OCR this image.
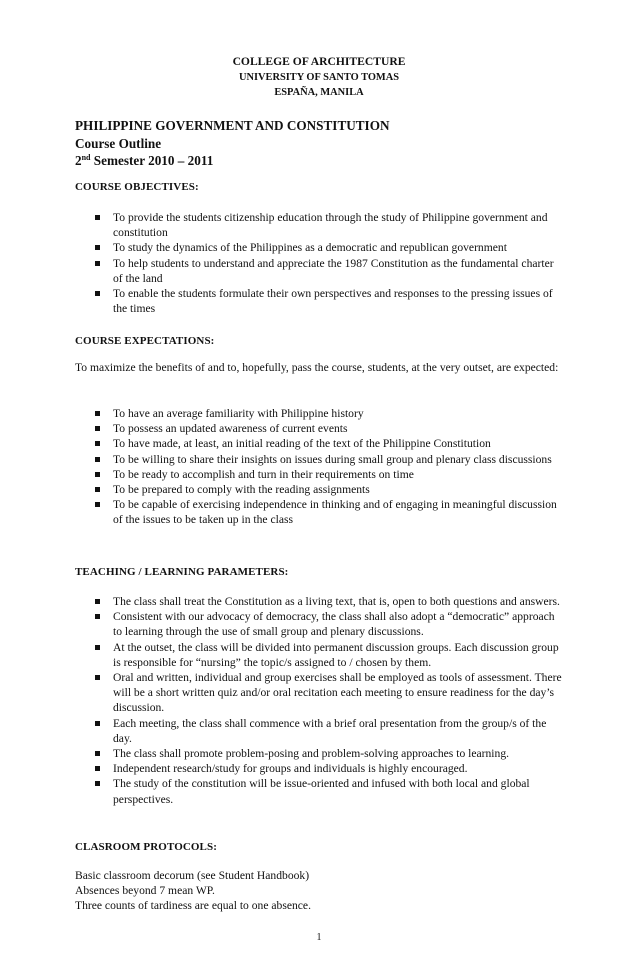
COLLEGE OF ARCHITECTURE
UNIVERSITY OF SANTO TOMAS
ESPAÑA, MANILA
PHILIPPINE GOVERNMENT AND CONSTITUTION
Course Outline
2nd Semester 2010 – 2011
COURSE OBJECTIVES:
To provide the students citizenship education through the study of Philippine government and constitution
To study the dynamics of the Philippines as a democratic and republican government
To help students to understand and appreciate the 1987 Constitution as the fundamental charter of the land
To enable the students formulate their own perspectives and responses to the pressing issues of the times
COURSE EXPECTATIONS:

To maximize the benefits of and to, hopefully, pass the course, students, at the very outset, are expected:

To have an average familiarity with Philippine history
To possess an updated awareness of current events
To have made, at least, an initial reading of the text of the Philippine Constitution
To be willing to share their insights on issues during small group and plenary class discussions
To be ready to accomplish and turn in their requirements on time
To be prepared to comply with the reading assignments
To be capable of exercising independence in thinking and of engaging in meaningful discussion of the issues to be taken up in the class
TEACHING / LEARNING PARAMETERS:
The class shall treat the Constitution as a living text, that is, open to both questions and answers.
Consistent with our advocacy of democracy, the class shall also adopt a “democratic” approach to learning through the use of small group and plenary discussions.
At the outset, the class will be divided into permanent discussion groups. Each discussion group is responsible for “nursing” the topic/s assigned to / chosen by them.
Oral and written, individual and group exercises shall be employed as tools of assessment. There will be a short written quiz and/or oral recitation each meeting to ensure readiness for the day’s discussion.
Each meeting, the class shall commence with a brief oral presentation from the group/s of the day.
The class shall promote problem-posing and problem-solving approaches to learning.
Independent research/study for groups and individuals is highly encouraged.
The study of the constitution will be issue-oriented and infused with both local and global perspectives.
CLASROOM PROTOCOLS:
Basic classroom decorum (see Student Handbook)
Absences beyond 7 mean WP.
Three counts of tardiness are equal to one absence.
1
